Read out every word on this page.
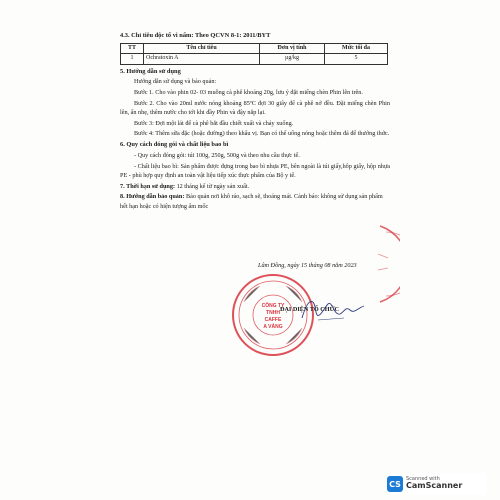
4.3. Chỉ tiêu độc tố vi nấm: Theo QCVN 8-1: 2011/BYT
TT	Tên chỉ tiêu	Đơn vị tính	Mức tối đa
1	Ochratoxin A	µg/kg	5
5. Hướng dẫn sử dụng
Hướng dẫn sử dụng và bảo quản:
Bước 1. Cho vào phin 02- 03 muỗng cà phê khoảng 20g, lưu ý đặt miếng chèn Phin lên trên.
Bước 2. Cho vào 20ml nước nóng khoảng 85ºC đợi 30 giây để cà phê nở đều. Đặt miếng chèn Phin lên, ấn nhẹ, thêm nước cho tới khi đầy Phin và đậy nắp lại.
Bước 3: Đợi một lát để cà phê bắt đầu chiết xuất và chảy xuống.
Bước 4: Thêm sữa đặc (hoặc đường) theo khẩu vị. Bạn có thể uống nóng hoặc thêm đá để thưởng thức.
6. Quy cách đóng gói và chất liệu bao bì
- Quy cách đóng gói: túi 100g, 250g, 500g và theo nhu cầu thực tế.
- Chất liệu bao bì: Sản phẩm được đựng trong bao bì nhựa PE, bên ngoài là túi giấy,hôp giấy, hộp nhựa PE - phù hợp quy định an toàn vật liệu tiếp xúc thực phẩm của Bộ y tế.
7. Thời hạn sử dụng: 12 tháng kể từ ngày sản xuất.
8. Hướng dẫn bảo quản: Bảo quản nơi khô ráo, sạch sẽ, thoáng mát. Cảnh báo: không sử dụng sản phẩm hết hạn hoặc có hiện tượng ẩm mốc
Lâm Đồng, ngày 15 tháng 08 năm 2023
CÔNG TY
TNHH
CAFFE
A VÀNG
ĐẠI DIỆN TỔ CHỨC
CS
Scanned with
CamScanner
